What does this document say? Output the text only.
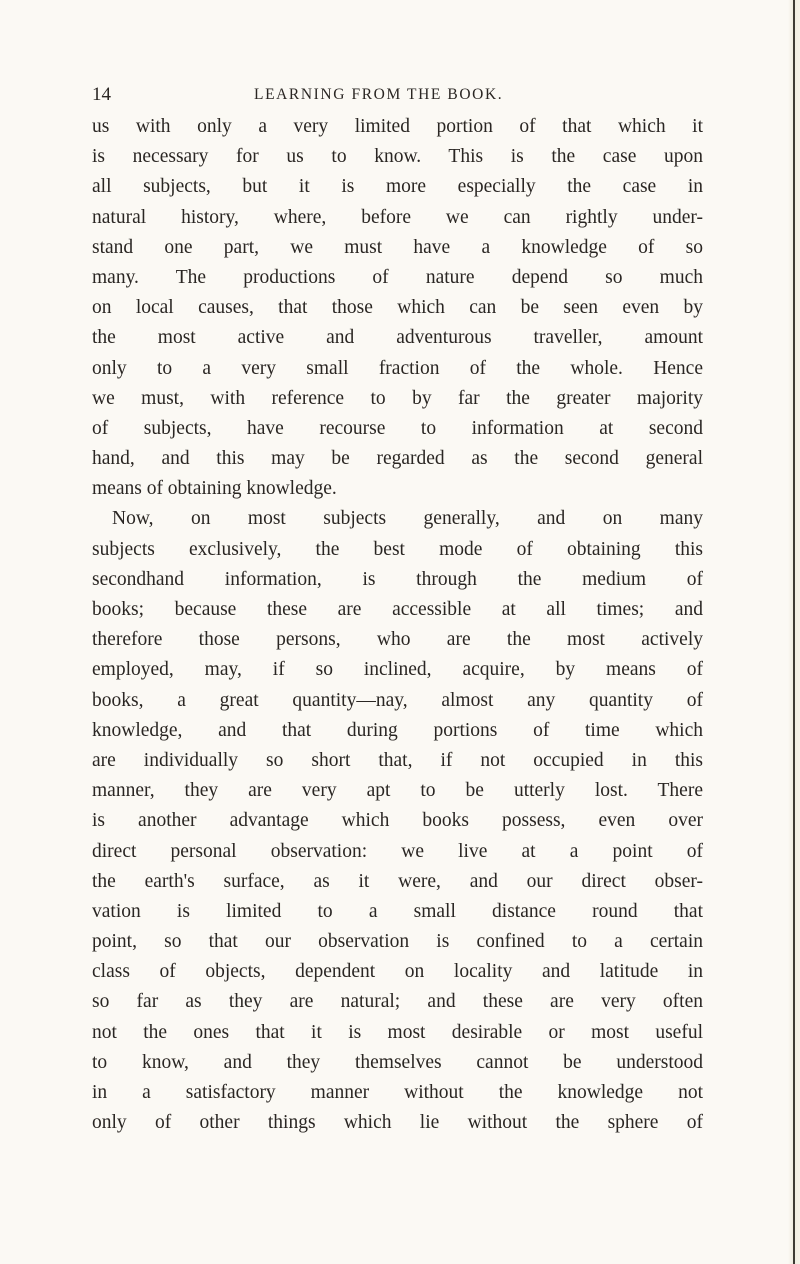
14	LEARNING FROM THE BOOK.
us with only a very limited portion of that which it
is necessary for us to know. This is the case upon
all subjects, but it is more especially the case in
natural history, where, before we can rightly under-
stand one part, we must have a knowledge of so
many. The productions of nature depend so much
on local causes, that those which can be seen even by
the most active and adventurous traveller, amount
only to a very small fraction of the whole. Hence
we must, with reference to by far the greater majority
of subjects, have recourse to information at second
hand, and this may be regarded as the second general
means of obtaining knowledge.
Now, on most subjects generally, and on many
subjects exclusively, the best mode of obtaining this
secondhand information, is through the medium of
books; because these are accessible at all times; and
therefore those persons, who are the most actively
employed, may, if so inclined, acquire, by means of
books, a great quantity—nay, almost any quantity of
knowledge, and that during portions of time which
are individually so short that, if not occupied in this
manner, they are very apt to be utterly lost. There
is another advantage which books possess, even over
direct personal observation: we live at a point of
the earth's surface, as it were, and our direct obser-
vation is limited to a small distance round that
point, so that our observation is confined to a certain
class of objects, dependent on locality and latitude in
so far as they are natural; and these are very often
not the ones that it is most desirable or most useful
to know, and they themselves cannot be understood
in a satisfactory manner without the knowledge not
only of other things which lie without the sphere of
